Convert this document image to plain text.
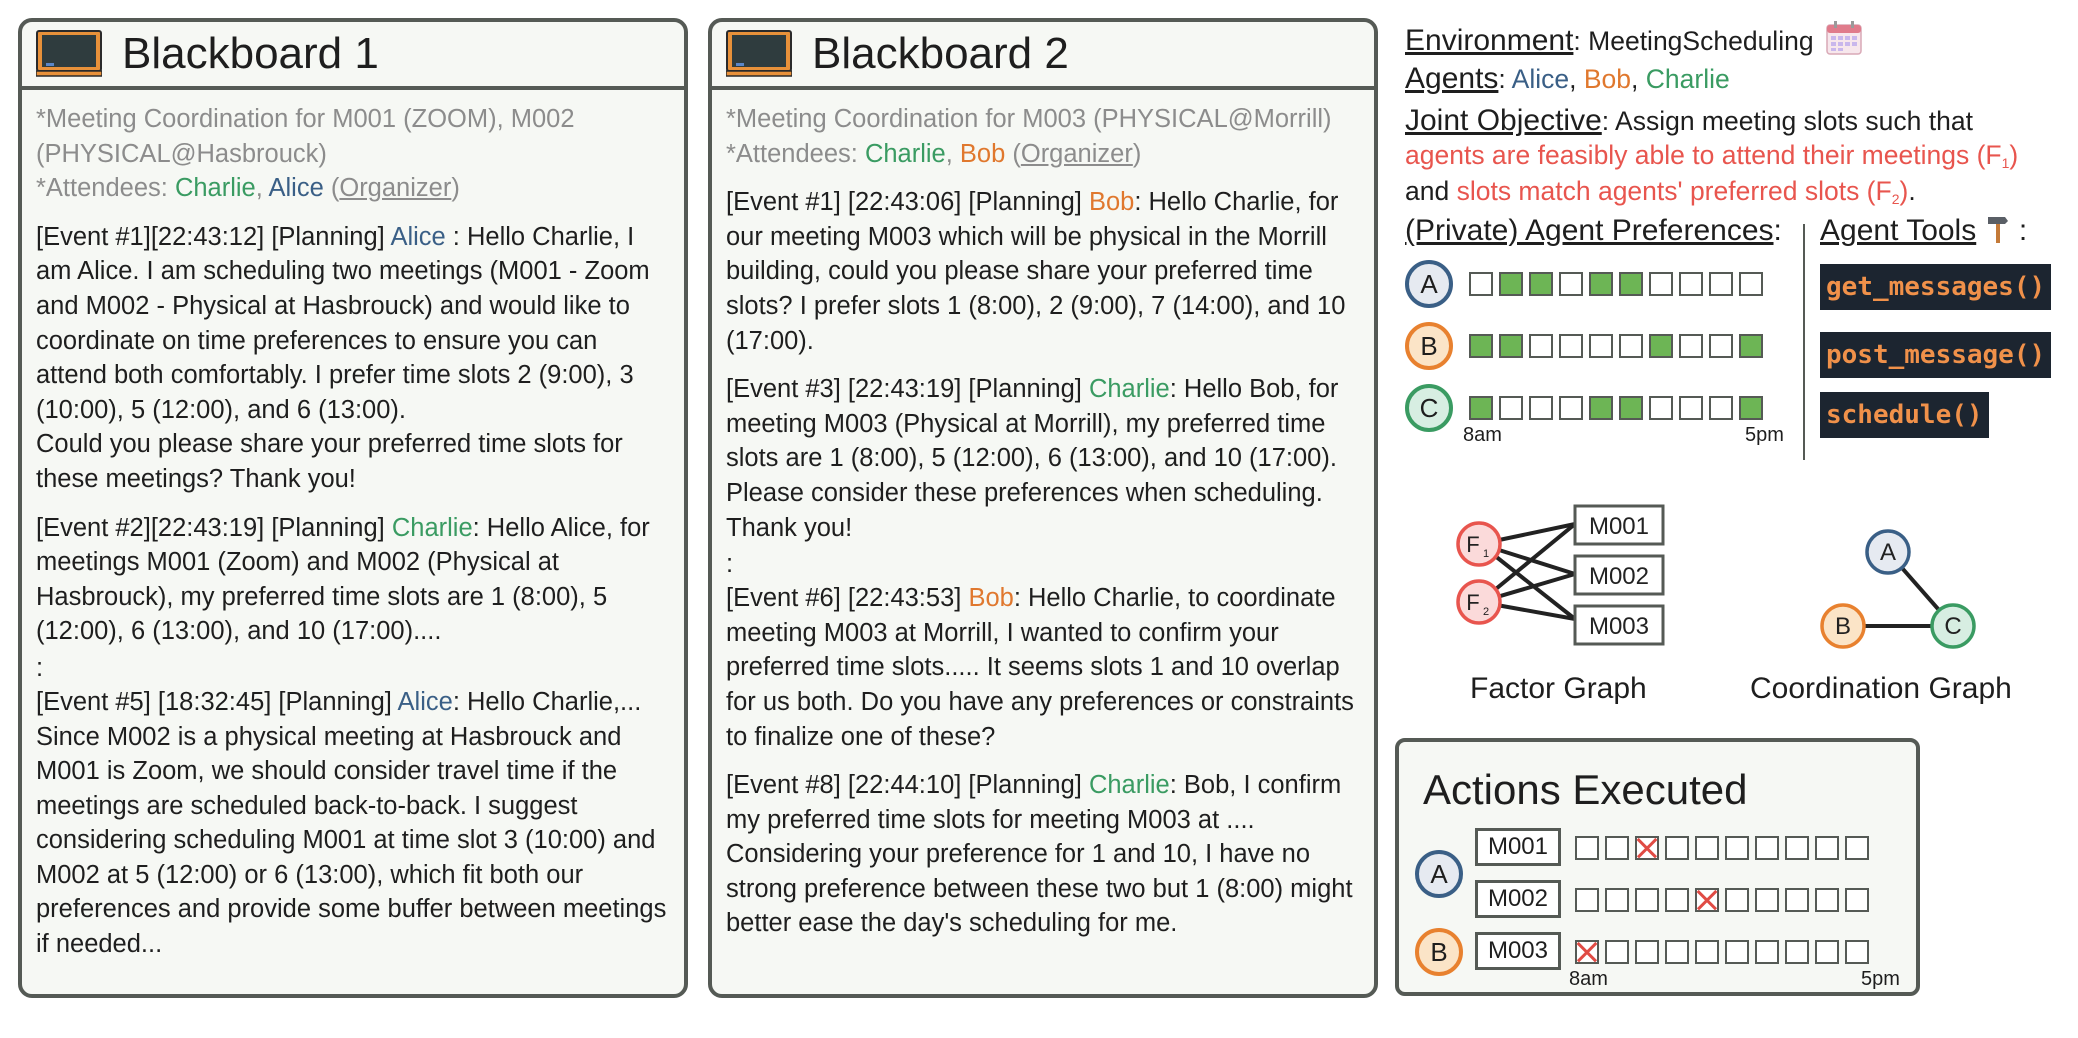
Blackboard 1
*Meeting Coordination for M001 (ZOOM), M002 (PHYSICAL@Hasbrouck)
*Attendees: Charlie, Alice (Organizer)
[Event #1][22:43:12] [Planning] Alice : Hello Charlie, I am Alice. I am scheduling two meetings (M001 - Zoom and M002 - Physical at Hasbrouck) and would like to coordinate on time preferences to ensure you can attend both comfortably. I prefer time slots 2 (9:00), 3 (10:00), 5 (12:00), and 6 (13:00).
Could you please share your preferred time slots for these meetings? Thank you!
[Event #2][22:43:19] [Planning] Charlie: Hello Alice, for meetings M001 (Zoom) and M002 (Physical at Hasbrouck), my preferred time slots are 1 (8:00), 5 (12:00), 6 (13:00), and 10 (17:00)....
:
[Event #5] [18:32:45] [Planning] Alice: Hello Charlie,... Since M002 is a physical meeting at Hasbrouck and M001 is Zoom, we should consider travel time if the meetings are scheduled back-to-back. I suggest considering scheduling M001 at time slot 3 (10:00) and M002 at 5 (12:00) or 6 (13:00), which fit both our preferences and provide some buffer between meetings if needed...
Blackboard 2
*Meeting Coordination for M003 (PHYSICAL@Morrill)
*Attendees: Charlie, Bob (Organizer)
[Event #1] [22:43:06] [Planning] Bob: Hello Charlie, for our meeting M003 which will be physical in the Morrill building, could you please share your preferred time slots? I prefer slots 1 (8:00), 2 (9:00), 7 (14:00), and 10 (17:00).
[Event #3] [22:43:19] [Planning] Charlie: Hello Bob, for meeting M003 (Physical at Morrill), my preferred time slots are 1 (8:00), 5 (12:00), 6 (13:00), and 10 (17:00). Please consider these preferences when scheduling. Thank you!
:
[Event #6] [22:43:53] Bob: Hello Charlie, to coordinate meeting M003 at Morrill, I wanted to confirm your preferred time slots..... It seems slots 1 and 10 overlap for us both. Do you have any preferences or constraints to finalize one of these?
[Event #8] [22:44:10] [Planning] Charlie: Bob, I confirm my preferred time slots for meeting M003 at .... Considering your preference for 1 and 10, I have no strong preference between these two but 1 (8:00) might better ease the day's scheduling for me.
Environment: MeetingScheduling
Agents: Alice, Bob, Charlie
Joint Objective: Assign meeting slots such that
agents are feasibly able to attend their meetings $(F_1)$
and slots match agents' preferred slots $(F_2)$.
(Private) Agent Preferences:
A
B
C
8am	5pm
Agent Tools  :
get_messages()
post_message()
schedule()
F 1
F 2
M001
M002
M003
A
B	C
Factor Graph	Coordination Graph
Actions Executed
A
B
M001
M002
M003
8am	5pm
